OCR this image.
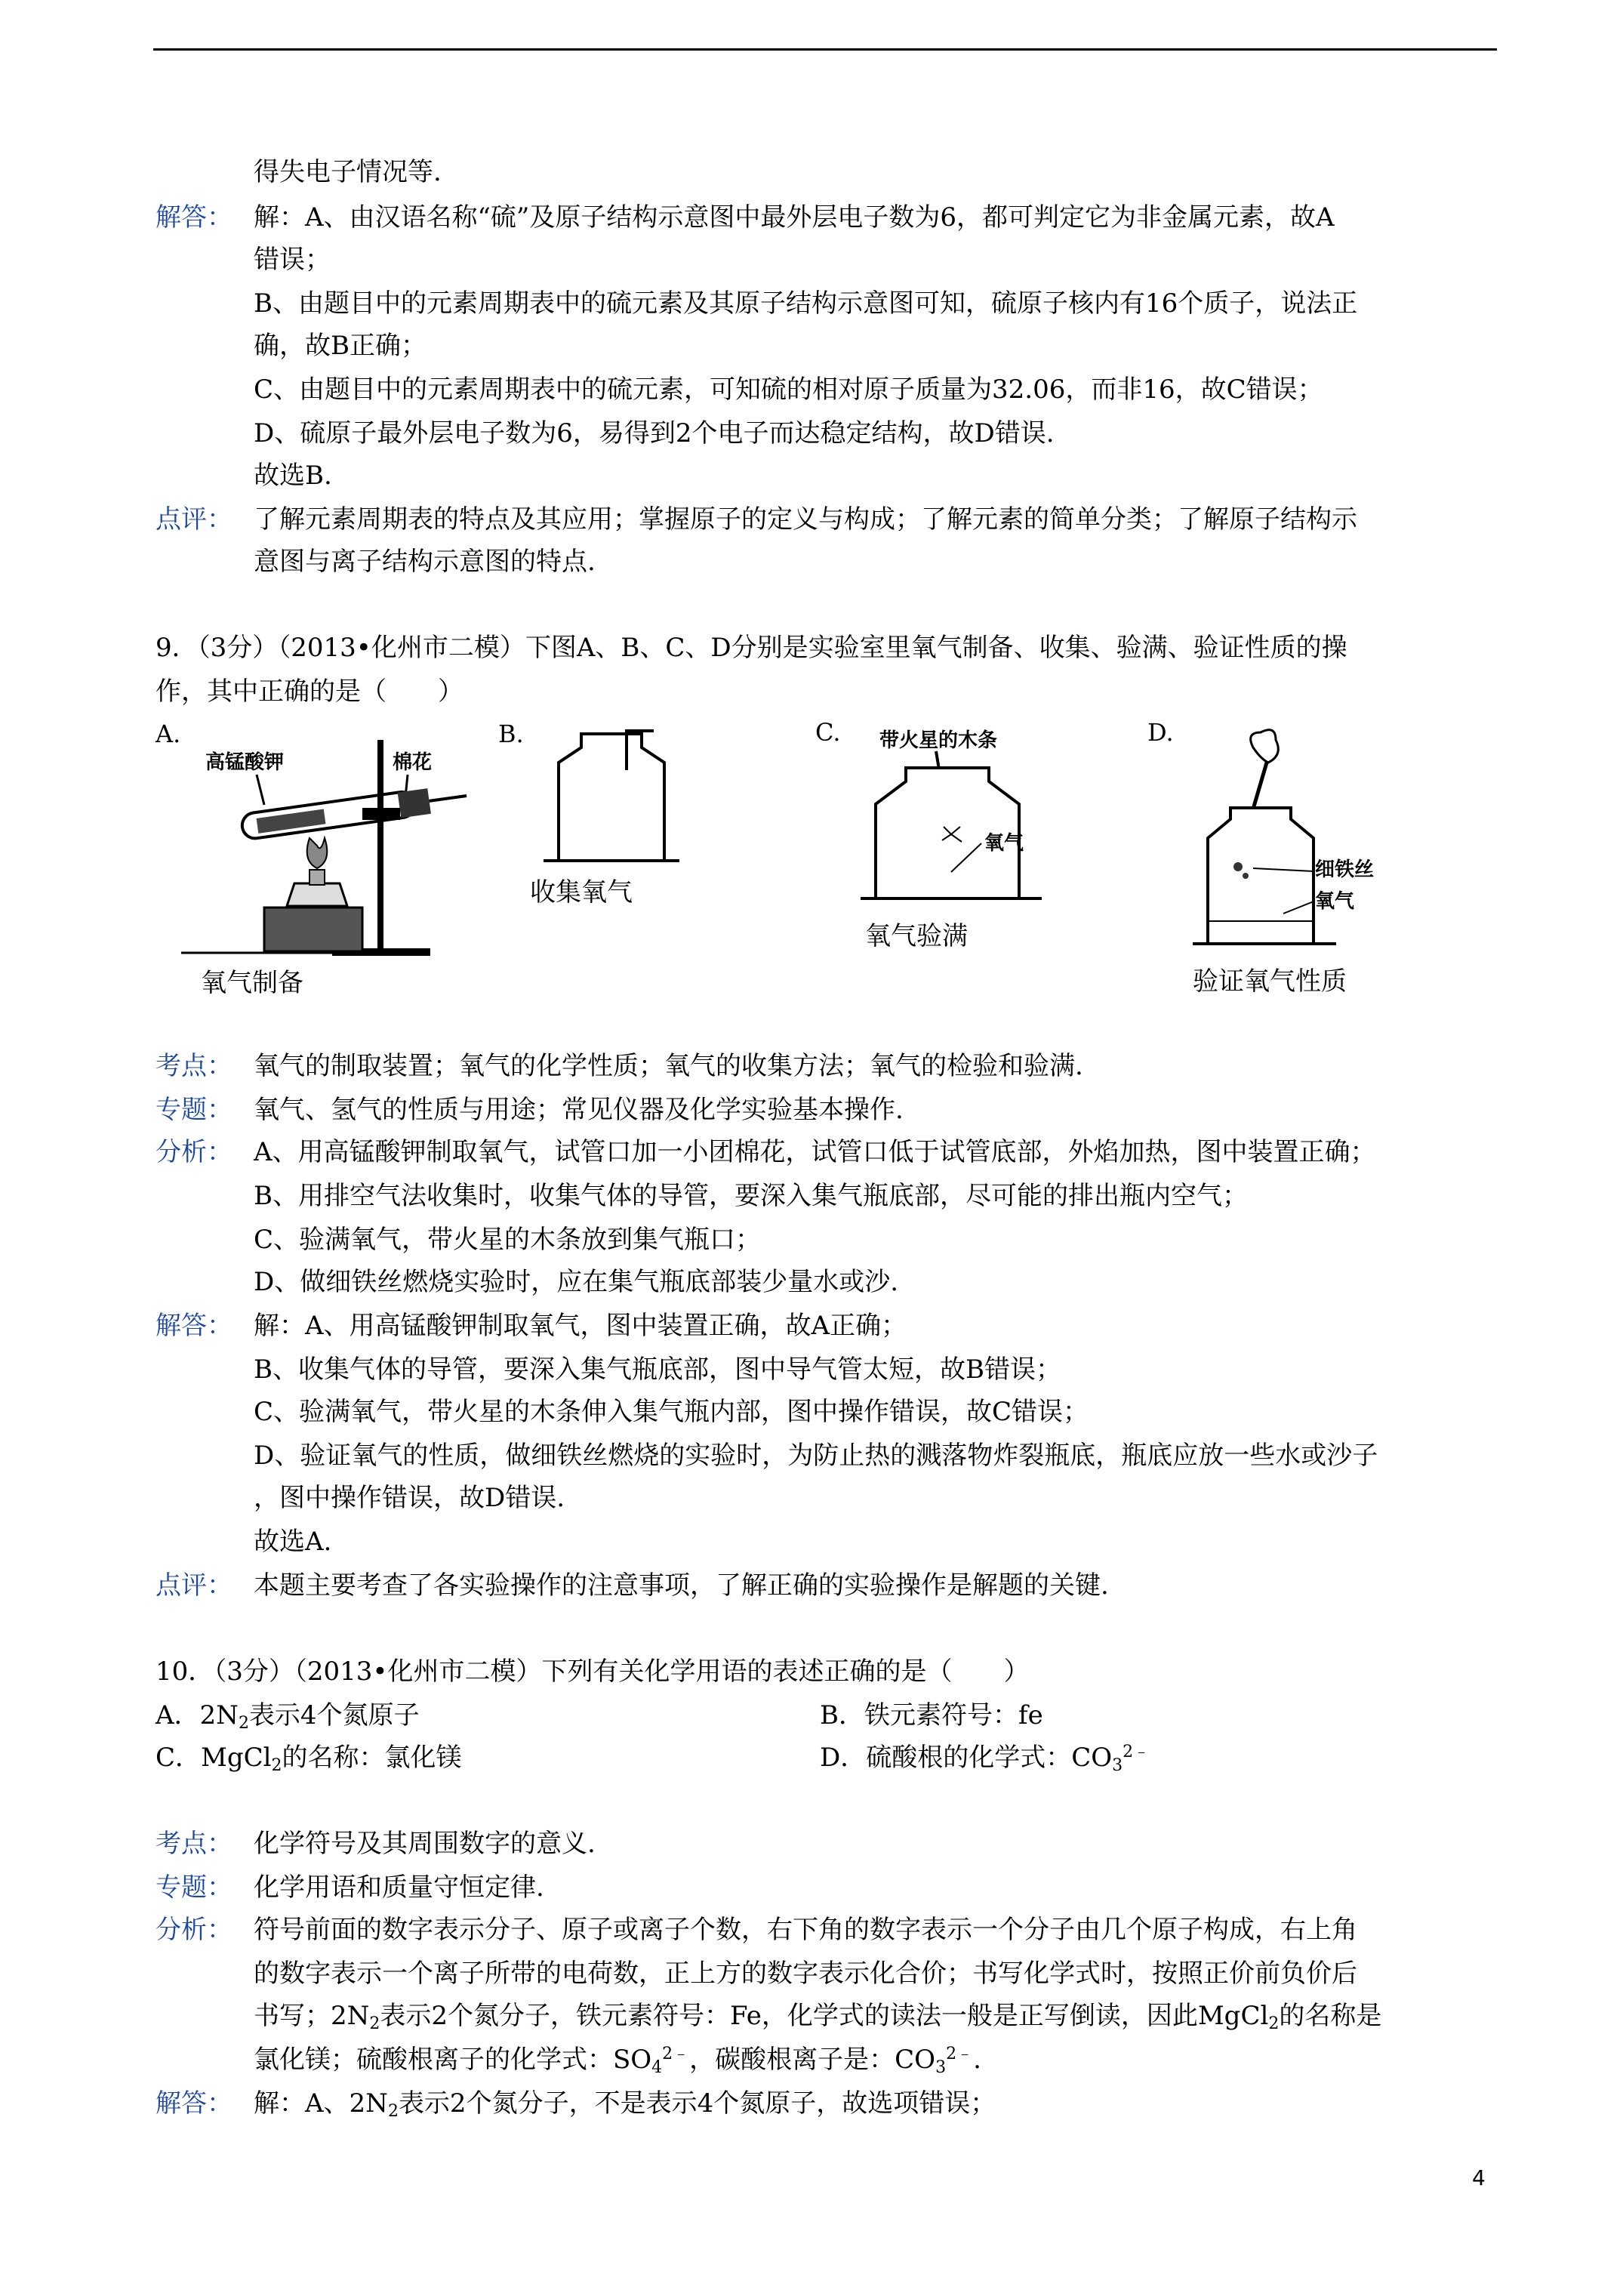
得失电子情况等.
解答： 解：A、由汉语名称“硫”及原子结构示意图中最外层电子数为6，都可判定它为非金属元素，故A
错误；
B、由题目中的元素周期表中的硫元素及其原子结构示意图可知，硫原子核内有16个质子，说法正
确，故B正确；
C、由题目中的元素周期表中的硫元素，可知硫的相对原子质量为32.06，而非16，故C错误；
D、硫原子最外层电子数为6，易得到2个电子而达稳定结构，故D错误.
故选B.
点评： 了解元素周期表的特点及其应用；掌握原子的定义与构成；了解元素的简单分类；了解原子结构示
意图与离子结构示意图的特点.
9．（3分）（2013•化州市二模）下图A、B、C、D分别是实验室里氧气制备、收集、验满、验证性质的操
作，其中正确的是（　　）
A.
高锰酸钾	棉花
氧气制备
B.
收集氧气
C. 带火星的木条
氧气
氧气验满
D.
细铁丝
氧气
验证氧气性质
考点： 氧气的制取装置；氧气的化学性质；氧气的收集方法；氧气的检验和验满.
专题： 氧气、氢气的性质与用途；常见仪器及化学实验基本操作.
分析： A、用高锰酸钾制取氧气，试管口加一小团棉花，试管口低于试管底部，外焰加热，图中装置正确；
B、用排空气法收集时，收集气体的导管，要深入集气瓶底部，尽可能的排出瓶内空气；
C、验满氧气，带火星的木条放到集气瓶口；
D、做细铁丝燃烧实验时，应在集气瓶底部装少量水或沙.
解答： 解：A、用高锰酸钾制取氧气，图中装置正确，故A正确；
B、收集气体的导管，要深入集气瓶底部，图中导气管太短，故B错误；
C、验满氧气，带火星的木条伸入集气瓶内部，图中操作错误，故C错误；
D、验证氧气的性质，做细铁丝燃烧的实验时，为防止热的溅落物炸裂瓶底，瓶底应放一些水或沙子
，图中操作错误，故D错误.
故选A.
点评： 本题主要考查了各实验操作的注意事项，了解正确的实验操作是解题的关键.
10．（3分）（2013•化州市二模）下列有关化学用语的表述正确的是（　　）
A．$2N_2$表示4个氮原子	B．铁元素符号：fe
C．MgCl$_2$的名称：氯化镁	D．硫酸根的化学式：$CO_3^{2﹣}$
考点： 化学符号及其周围数字的意义.
专题： 化学用语和质量守恒定律.
分析： 符号前面的数字表示分子、原子或离子个数，右下角的数字表示一个分子由几个原子构成，右上角
的数字表示一个离子所带的电荷数，正上方的数字表示化合价；书写化学式时，按照正价前负价后
书写；$2N_2$表示2个氮分子，铁元素符号：Fe，化学式的读法一般是正写倒读，因此MgCl$_2$的名称是
氯化镁；硫酸根离子的化学式：$SO_4^{2﹣}$，碳酸根离子是：$CO_3^{2﹣}$.
解答： 解：A、$2N_2$表示2个氮分子，不是表示4个氮原子，故选项错误；
4
